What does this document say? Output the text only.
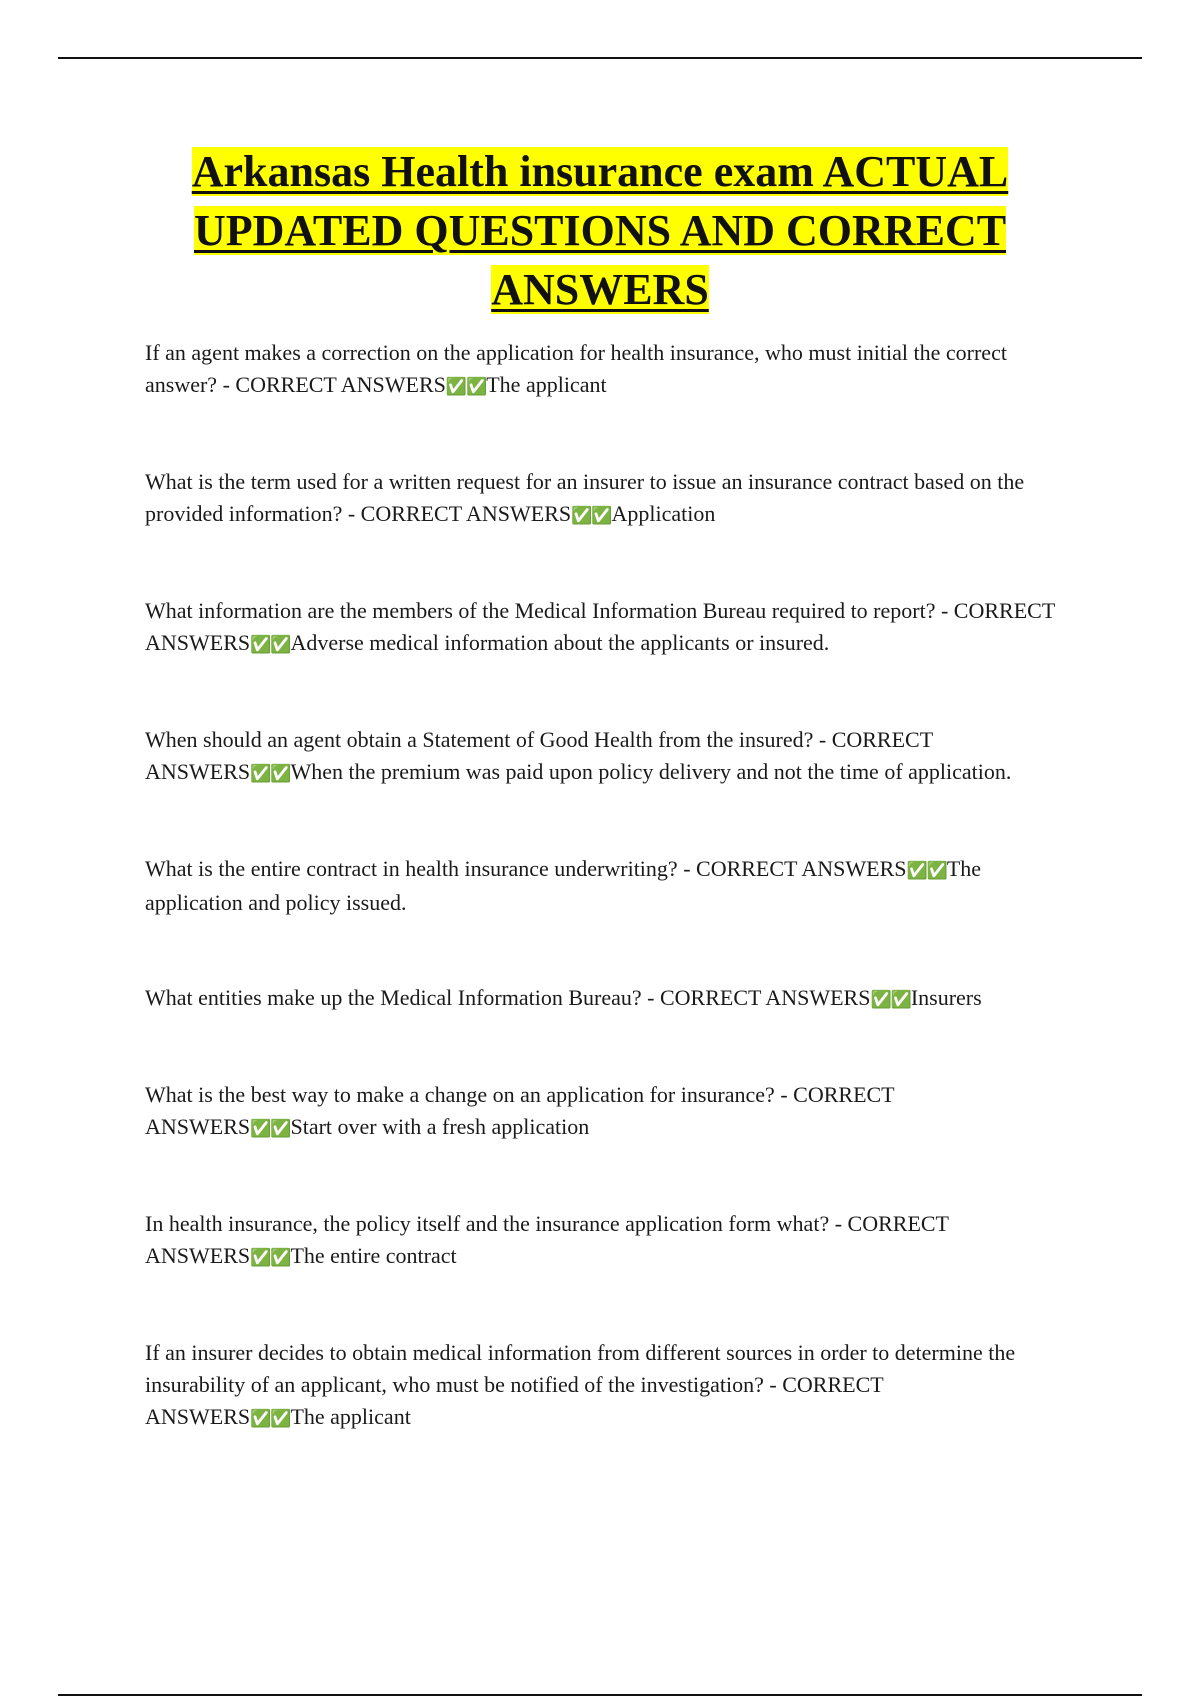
Arkansas Health insurance exam ACTUAL UPDATED QUESTIONS AND CORRECT ANSWERS

If an agent makes a correction on the application for health insurance, who must initial the correct answer? - CORRECT ANSWERS✅✅The applicant

What is the term used for a written request for an insurer to issue an insurance contract based on the provided information? - CORRECT ANSWERS✅✅Application

What information are the members of the Medical Information Bureau required to report? - CORRECT ANSWERS✅✅Adverse medical information about the applicants or insured.

When should an agent obtain a Statement of Good Health from the insured? - CORRECT ANSWERS✅✅When the premium was paid upon policy delivery and not the time of application.

What is the entire contract in health insurance underwriting? - CORRECT ANSWERS✅✅The application and policy issued.

What entities make up the Medical Information Bureau? - CORRECT ANSWERS✅✅Insurers

What is the best way to make a change on an application for insurance? - CORRECT ANSWERS✅✅Start over with a fresh application

In health insurance, the policy itself and the insurance application form what? - CORRECT ANSWERS✅✅The entire contract

If an insurer decides to obtain medical information from different sources in order to determine the insurability of an applicant, who must be notified of the investigation? - CORRECT ANSWERS✅✅The applicant
